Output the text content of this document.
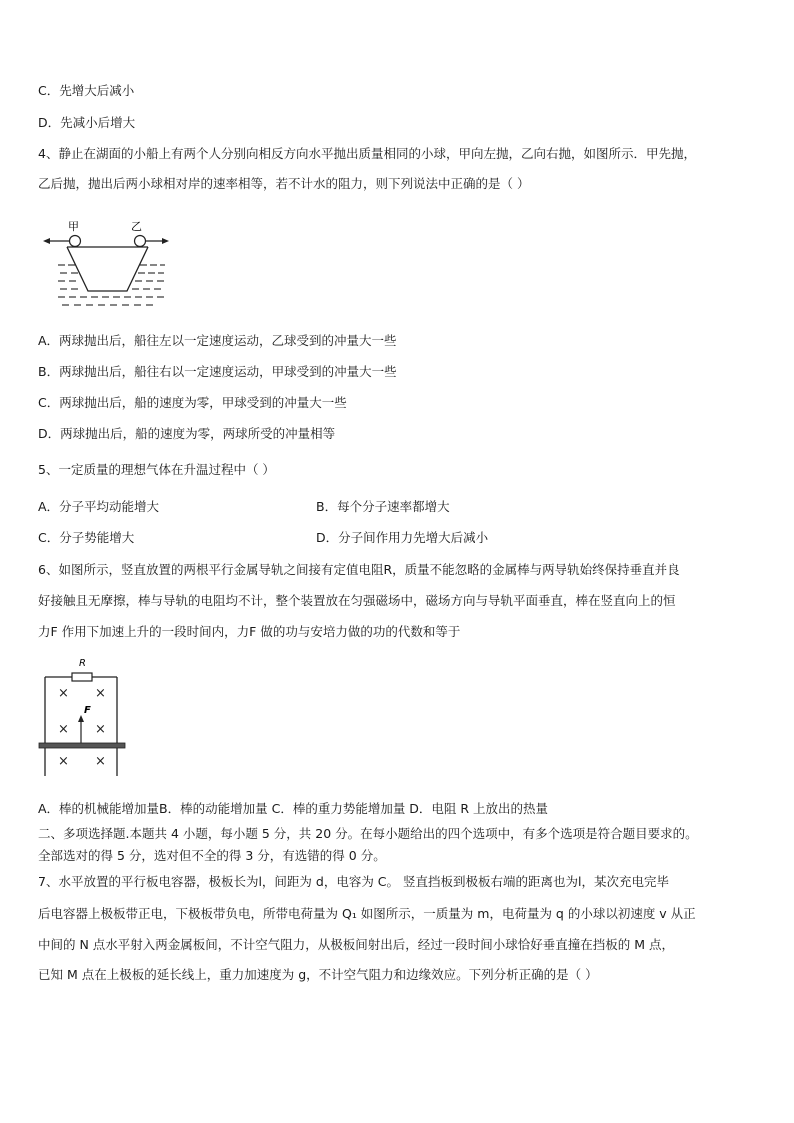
C．先增大后减小
D．先减小后增大
4、静止在湖面的小船上有两个人分别向相反方向水平抛出质量相同的小球，甲向左抛，乙向右抛，如图所示．甲先抛，
乙后抛，抛出后两小球相对岸的速率相等，若不计水的阻力，则下列说法中正确的是（ ）
甲	乙
A．两球抛出后，船往左以一定速度运动，乙球受到的冲量大一些
B．两球抛出后，船往右以一定速度运动，甲球受到的冲量大一些
C．两球抛出后，船的速度为零，甲球受到的冲量大一些
D．两球抛出后，船的速度为零，两球所受的冲量相等
5、一定质量的理想气体在升温过程中（ ）
A．分子平均动能增大	B．每个分子速率都增大
C．分子势能增大	D．分子间作用力先增大后减小
6、如图所示，竖直放置的两根平行金属导轨之间接有定值电阻R，质量不能忽略的金属棒与两导轨始终保持垂直并良
好接触且无摩擦，棒与导轨的电阻均不计，整个装置放在匀强磁场中，磁场方向与导轨平面垂直，棒在竖直向上的恒
力F 作用下加速上升的一段时间内，力F 做的功与安培力做的功的代数和等于
R
× ×
× ×
× ×
F
A．棒的机械能增加量B．棒的动能增加量 C．棒的重力势能增加量 D．电阻 R 上放出的热量
二、多项选择题.本题共 4 小题，每小题 5 分，共 20 分。在每小题给出的四个选项中，有多个选项是符合题目要求的。
全部选对的得 5 分，选对但不全的得 3 分，有选错的得 0 分。
7、水平放置的平行板电容器，极板长为l，间距为 d，电容为 C。 竖直挡板到极板右端的距离也为l，某次充电完毕
后电容器上极板带正电，下极板带负电，所带电荷量为 Q₁ 如图所示，一质量为 m，电荷量为 q 的小球以初速度 v 从正
中间的 N 点水平射入两金属板间，不计空气阻力，从极板间射出后，经过一段时间小球恰好垂直撞在挡板的 M 点，
已知 M 点在上极板的延长线上，重力加速度为 g，不计空气阻力和边缘效应。下列分析正确的是（ ）
